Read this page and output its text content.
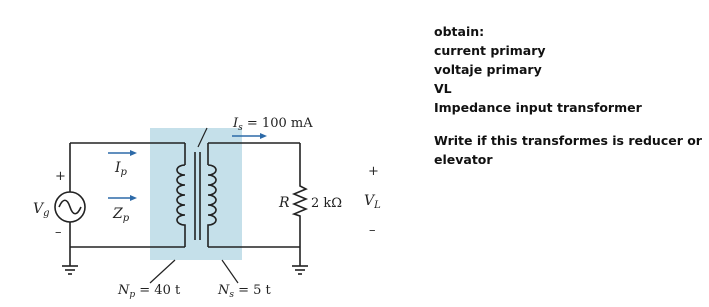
+
–
$V_g$
$I_p$
$Z_p$
$I_s = 100$ mA
R 2 kΩ
+
$V_L$
–
$N_p = 40$ t	$N_s = 5$ t
obtain:
current primary
voltaje primary
VL
Impedance input transformer
Write if this transformes is reducer or elevator
